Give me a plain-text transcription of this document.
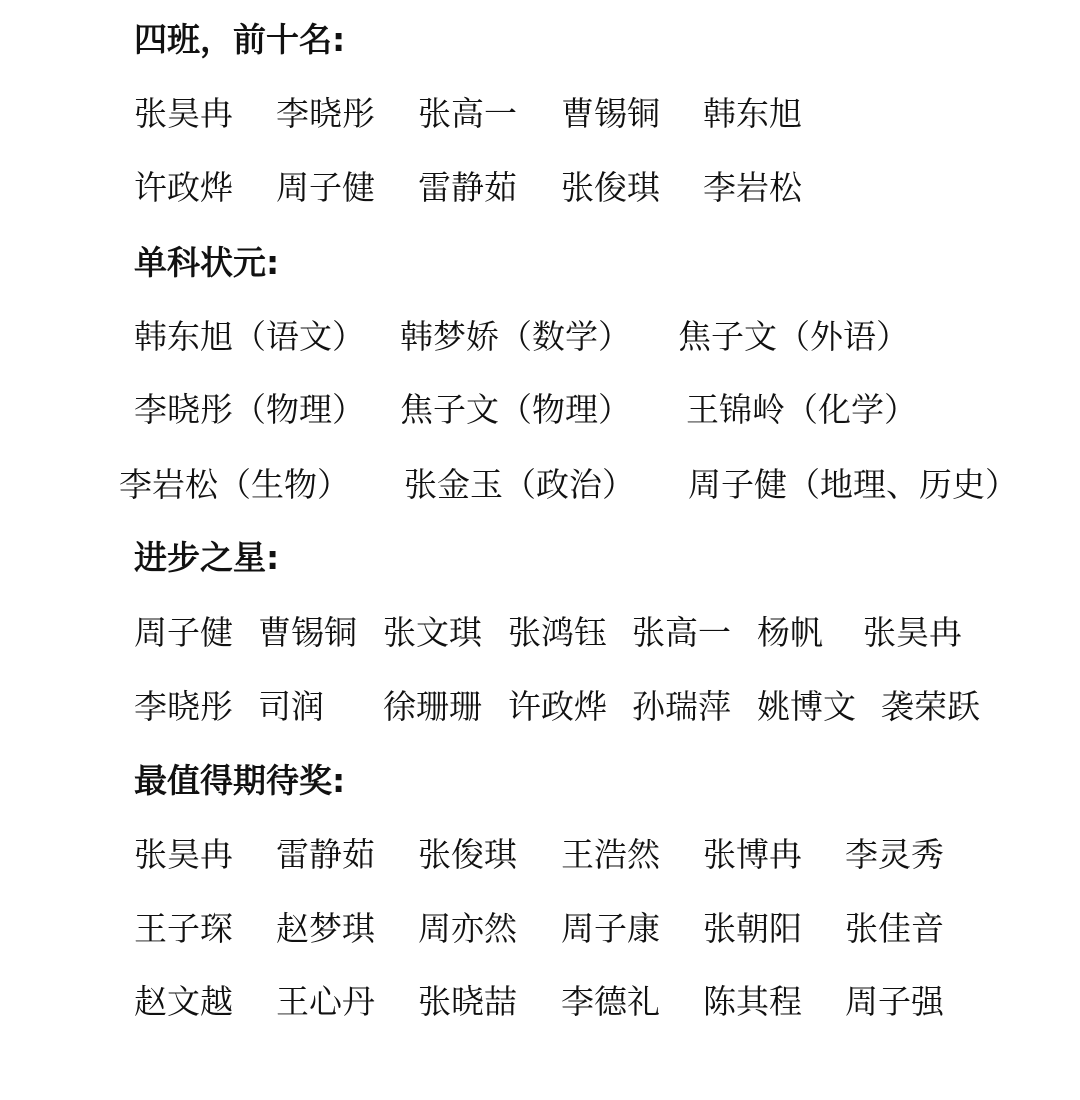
四班，前十名:
张昊冉 李晓彤 张高一 曹锡铜 韩东旭
许政烨 周子健 雷静茹 张俊琪 李岩松
单科状元:
韩东旭（语文） 韩梦娇（数学） 焦子文（外语）
李晓彤（物理） 焦子文（物理） 王锦岭（化学）
李岩松（生物） 张金玉（政治） 周子健（地理、历史）
进步之星:
周子健 曹锡铜 张文琪 张鸿钰 张高一 杨帆 张昊冉
李晓彤 司润 徐珊珊 许政烨 孙瑞萍 姚博文 袭荣跃
最值得期待奖:
张昊冉 雷静茹 张俊琪 王浩然 张博冉 李灵秀
王子琛 赵梦琪 周亦然 周子康 张朝阳 张佳音
赵文越 王心丹 张晓喆 李德礼 陈其程 周子强
